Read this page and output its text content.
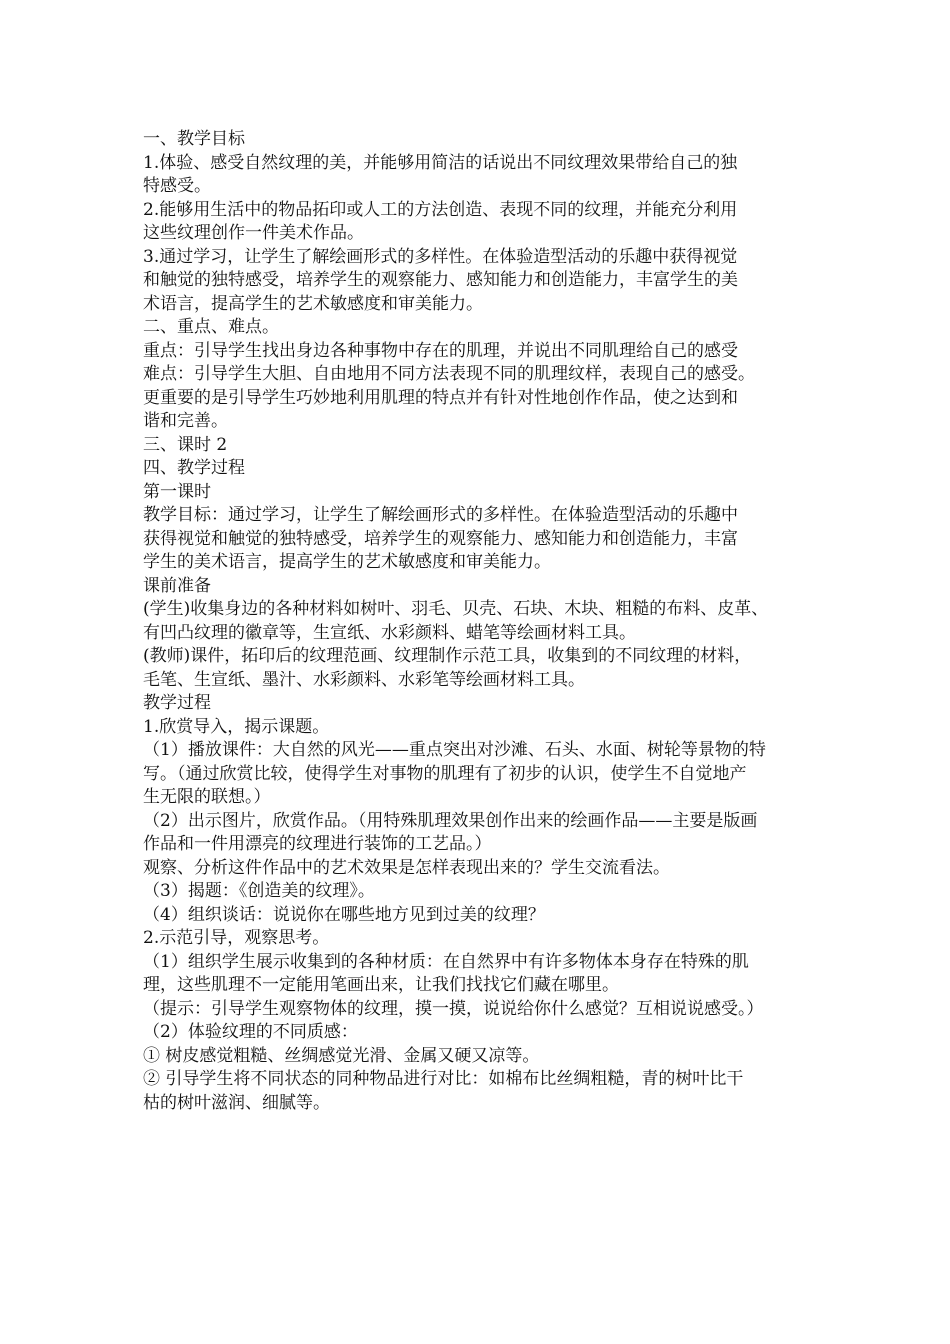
一、教学目标
1.体验、感受自然纹理的美，并能够用简洁的话说出不同纹理效果带给自己的独
特感受。
2.能够用生活中的物品拓印或人工的方法创造、表现不同的纹理，并能充分利用
这些纹理创作一件美术作品。
3.通过学习，让学生了解绘画形式的多样性。在体验造型活动的乐趣中获得视觉
和触觉的独特感受，培养学生的观察能力、感知能力和创造能力，丰富学生的美
术语言，提高学生的艺术敏感度和审美能力。
二、重点、难点。
重点：引导学生找出身边各种事物中存在的肌理，并说出不同肌理给自己的感受
难点：引导学生大胆、自由地用不同方法表现不同的肌理纹样，表现自己的感受。
更重要的是引导学生巧妙地利用肌理的特点并有针对性地创作作品，使之达到和
谐和完善。
三、课时 2
四、教学过程
第一课时
教学目标：通过学习，让学生了解绘画形式的多样性。在体验造型活动的乐趣中
获得视觉和触觉的独特感受，培养学生的观察能力、感知能力和创造能力，丰富
学生的美术语言，提高学生的艺术敏感度和审美能力。
课前准备
(学生)收集身边的各种材料如树叶、羽毛、贝壳、石块、木块、粗糙的布料、皮革、
有凹凸纹理的徽章等，生宣纸、水彩颜料、蜡笔等绘画材料工具。
(教师)课件，拓印后的纹理范画、纹理制作示范工具，收集到的不同纹理的材料，
毛笔、生宣纸、墨汁、水彩颜料、水彩笔等绘画材料工具。
教学过程
1.欣赏导入，揭示课题。
（1）播放课件：大自然的风光——重点突出对沙滩、石头、水面、树轮等景物的特
写。（通过欣赏比较，使得学生对事物的肌理有了初步的认识，使学生不自觉地产
生无限的联想。）
（2）出示图片，欣赏作品。（用特殊肌理效果创作出来的绘画作品——主要是版画
作品和一件用漂亮的纹理进行装饰的工艺品。）
观察、分析这件作品中的艺术效果是怎样表现出来的？学生交流看法。
（3）揭题：《创造美的纹理》。
（4）组织谈话：说说你在哪些地方见到过美的纹理？
2.示范引导，观察思考。
（1）组织学生展示收集到的各种材质：在自然界中有许多物体本身存在特殊的肌
理，这些肌理不一定能用笔画出来，让我们找找它们藏在哪里。
（提示：引导学生观察物体的纹理，摸一摸，说说给你什么感觉？互相说说感受。）
（2）体验纹理的不同质感：
① 树皮感觉粗糙、丝绸感觉光滑、金属又硬又凉等。
② 引导学生将不同状态的同种物品进行对比：如棉布比丝绸粗糙，青的树叶比干
枯的树叶滋润、细腻等。
